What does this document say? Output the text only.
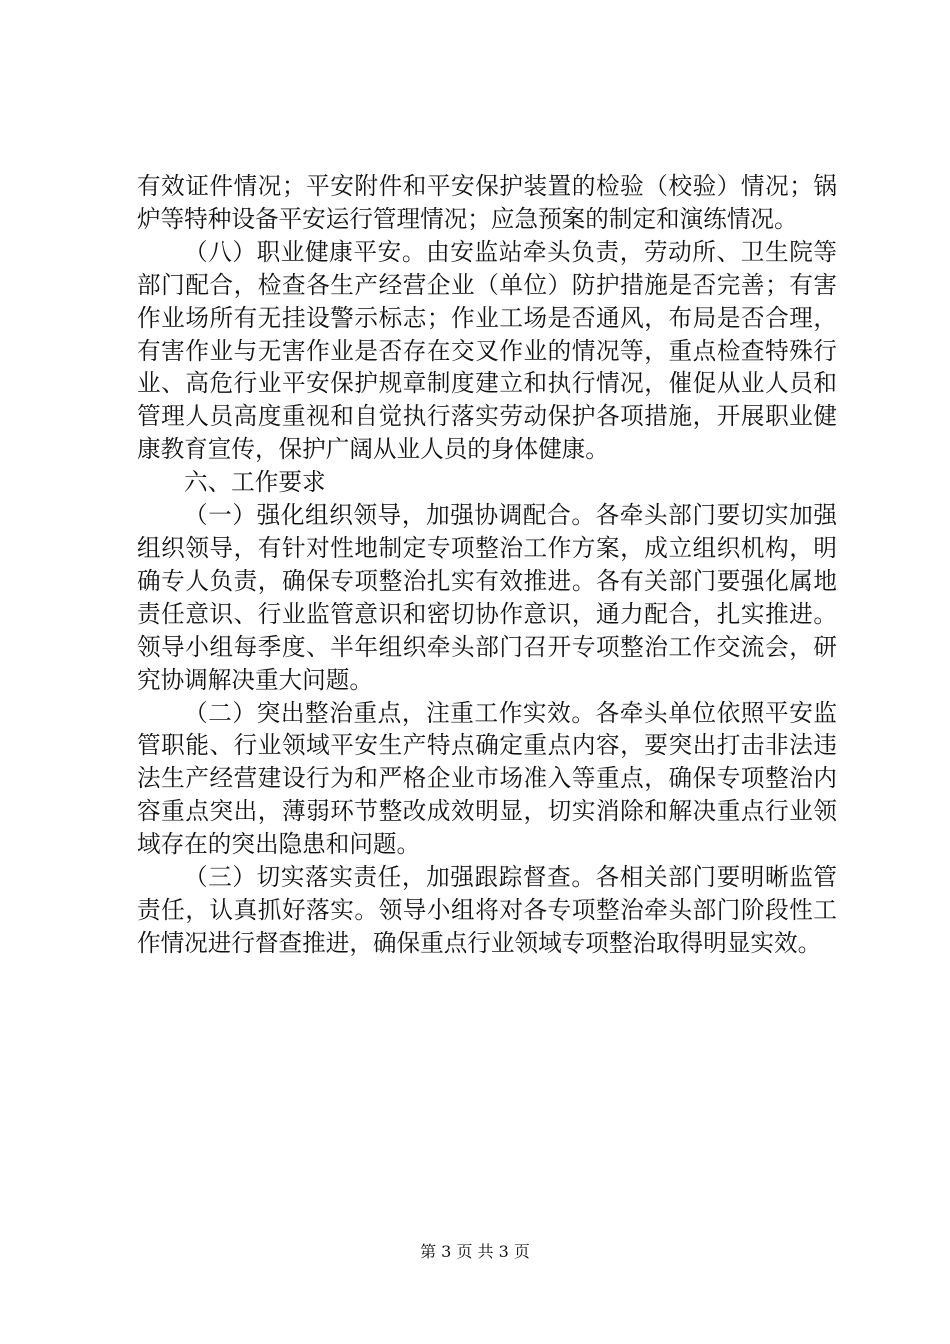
有效证件情况；平安附件和平安保护装置的检验（校验）情况；锅炉等特种设备平安运行管理情况；应急预案的制定和演练情况。

（八）职业健康平安。由安监站牵头负责，劳动所、卫生院等部门配合，检查各生产经营企业（单位）防护措施是否完善；有害作业场所有无挂设警示标志；作业工场是否通风，布局是否合理，有害作业与无害作业是否存在交叉作业的情况等，重点检查特殊行业、高危行业平安保护规章制度建立和执行情况，催促从业人员和管理人员高度重视和自觉执行落实劳动保护各项措施，开展职业健康教育宣传，保护广阔从业人员的身体健康。

六、工作要求

（一）强化组织领导，加强协调配合。各牵头部门要切实加强组织领导，有针对性地制定专项整治工作方案，成立组织机构，明确专人负责，确保专项整治扎实有效推进。各有关部门要强化属地责任意识、行业监管意识和密切协作意识，通力配合，扎实推进。领导小组每季度、半年组织牵头部门召开专项整治工作交流会，研究协调解决重大问题。

（二）突出整治重点，注重工作实效。各牵头单位依照平安监管职能、行业领域平安生产特点确定重点内容，要突出打击非法违法生产经营建设行为和严格企业市场准入等重点，确保专项整治内容重点突出，薄弱环节整改成效明显，切实消除和解决重点行业领域存在的突出隐患和问题。

（三）切实落实责任，加强跟踪督查。各相关部门要明晰监管责任，认真抓好落实。领导小组将对各专项整治牵头部门阶段性工作情况进行督查推进，确保重点行业领域专项整治取得明显实效。

第 3 页 共 3 页
